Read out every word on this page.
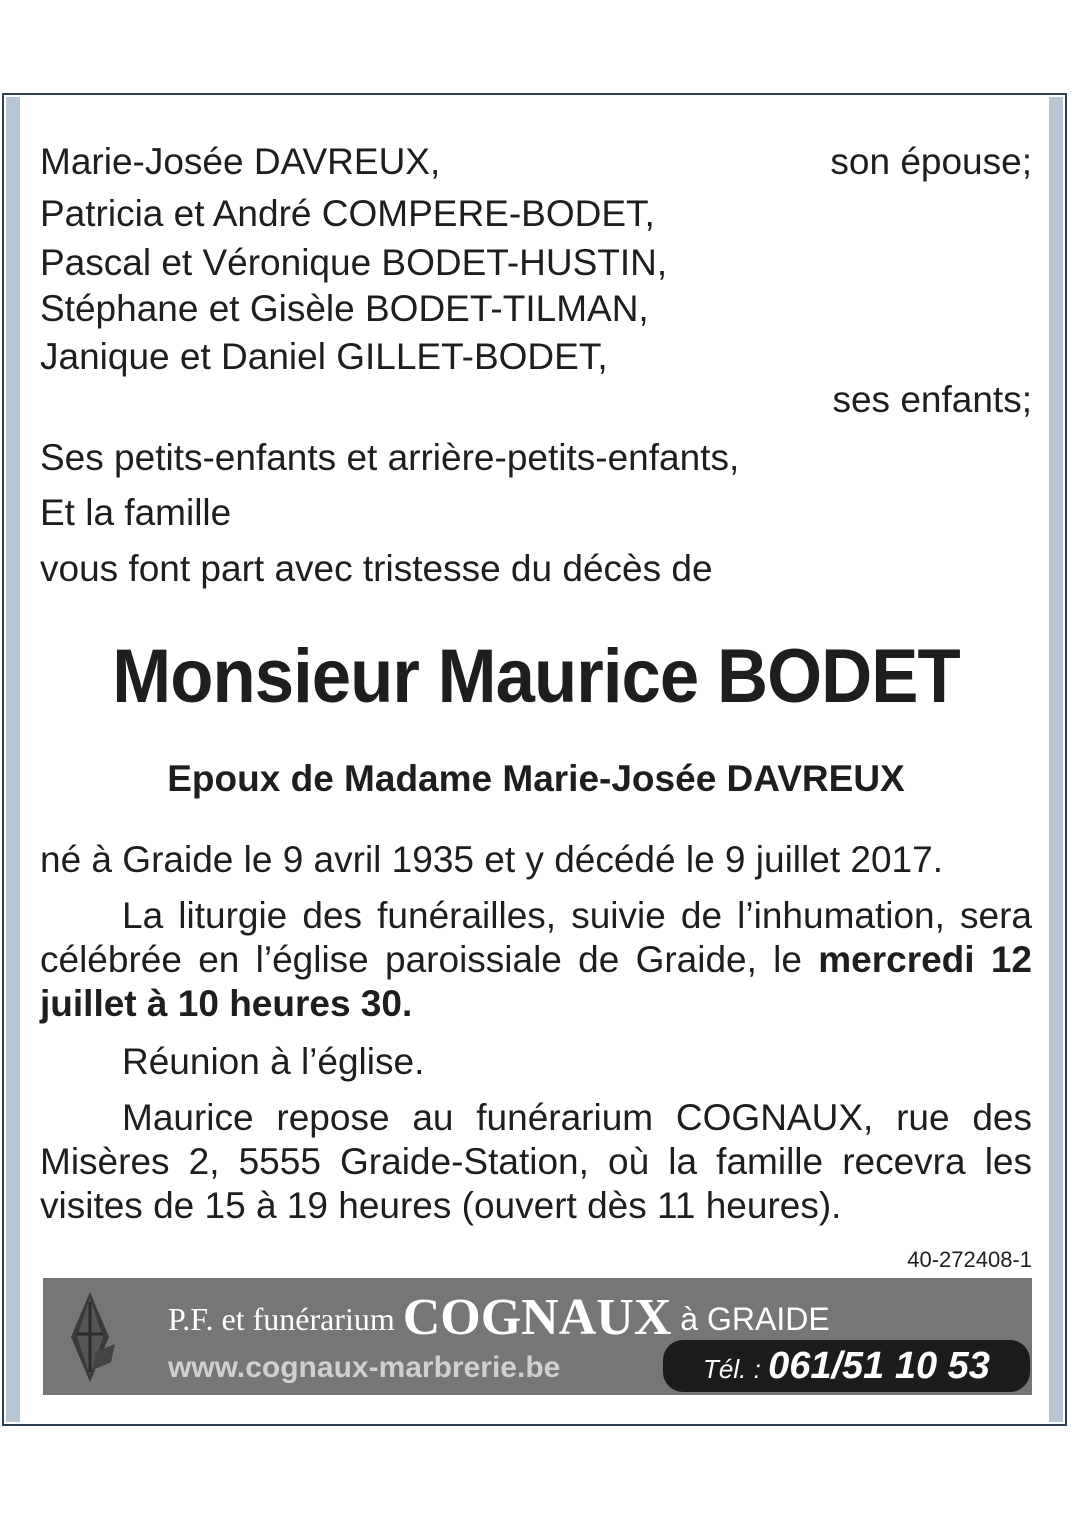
Marie-Josée DAVREUX,	son épouse;
Patricia et André COMPERE-BODET,
Pascal et Véronique BODET-HUSTIN,
Stéphane et Gisèle BODET-TILMAN,
Janique et Daniel GILLET-BODET,
ses enfants;
Ses petits-enfants et arrière-petits-enfants,
Et la famille
vous font part avec tristesse du décès de
Monsieur Maurice BODET
Epoux de Madame Marie-Josée DAVREUX
né à Graide le 9 avril 1935 et y décédé le 9 juillet 2017.
La liturgie des funérailles, suivie de l’inhumation, sera célébrée en l’église paroissiale de Graide, le mercredi 12 juillet à 10 heures 30.
Réunion à l’église.
Maurice repose au funérarium COGNAUX, rue des Misères 2, 5555 Graide-Station, où la famille recevra les visites de 15 à 19 heures (ouvert dès 11 heures).
40-272408-1
P.F. et funérarium COGNAUX à GRAIDE
www.cognaux-marbrerie.be	Tél. : 061/51 10 53
